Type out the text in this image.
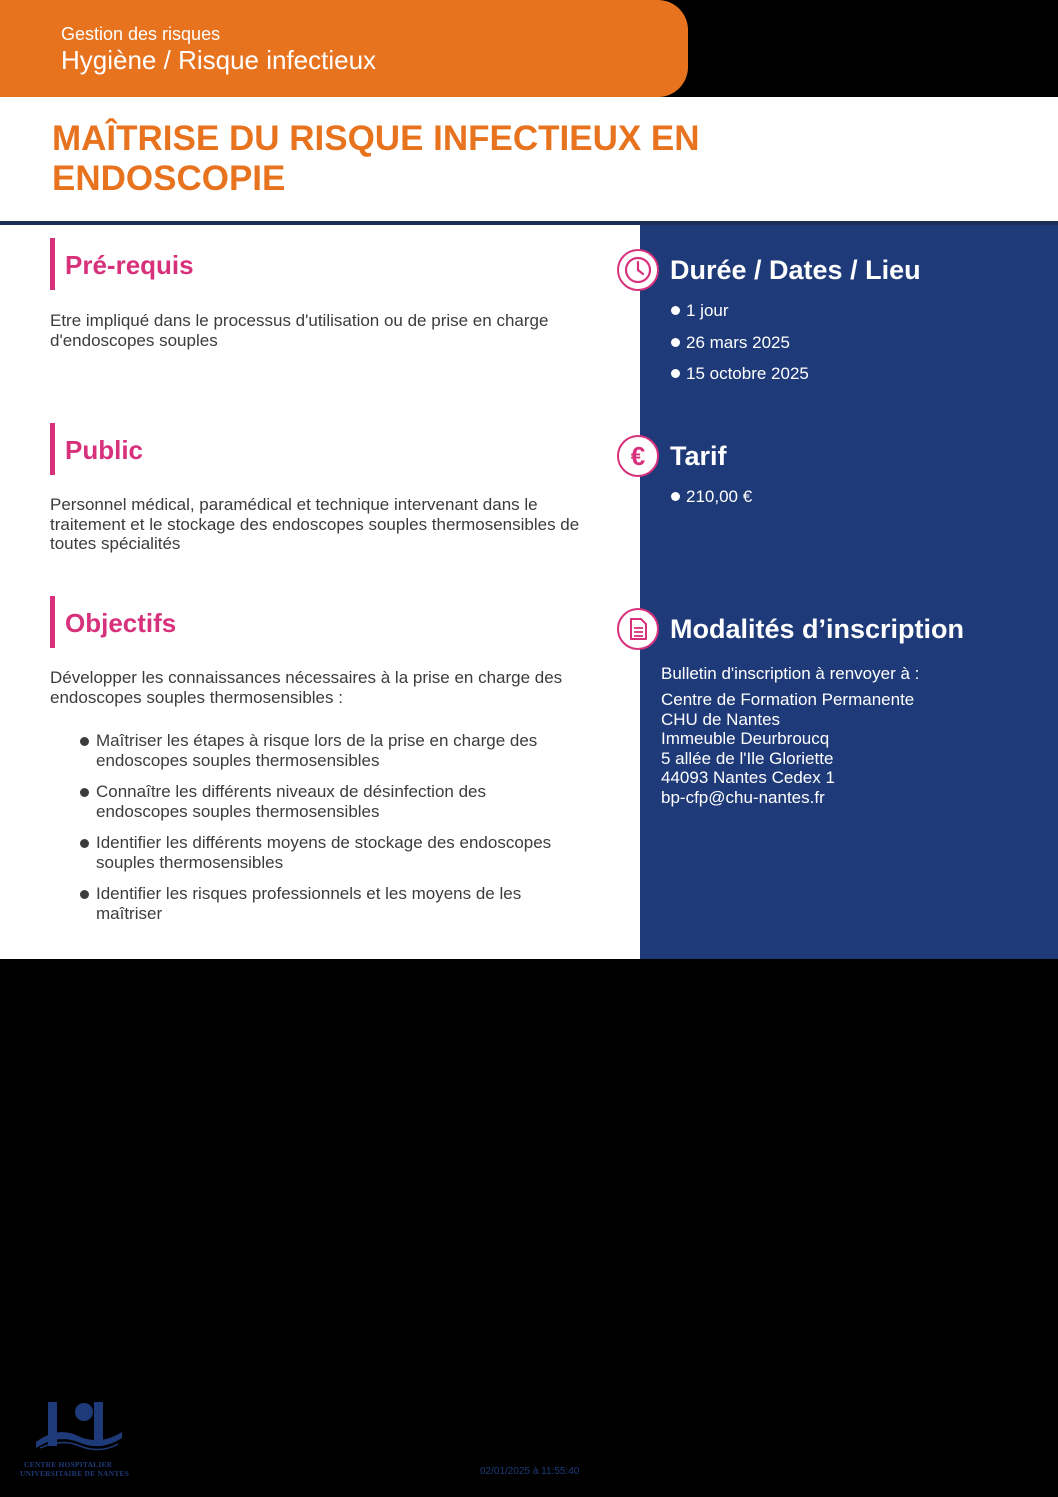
Gestion des risques
Hygiène / Risque infectieux
MAÎTRISE DU RISQUE INFECTIEUX EN ENDOSCOPIE
Pré-requis

Etre impliqué dans le processus d'utilisation ou de prise en charge d'endoscopes souples

Public

Personnel médical, paramédical et technique intervenant dans le traitement et le stockage des endoscopes souples thermosensibles de toutes spécialités

Objectifs

Développer les connaissances nécessaires à la prise en charge des endoscopes souples thermosensibles :

Maîtriser les étapes à risque lors de la prise en charge des endoscopes souples thermosensibles
Connaître les différents niveaux de désinfection des endoscopes souples thermosensibles
Identifier les différents moyens de stockage des endoscopes souples thermosensibles
Identifier les risques professionnels et les moyens de les maîtriser
Durée / Dates / Lieu
1 jour
26 mars 2025
15 octobre 2025
€ Tarif
210,00 €
Modalités d’inscription

Bulletin d'inscription à renvoyer à :

Centre de Formation Permanente
CHU de Nantes
Immeuble Deurbroucq
5 allée de l'Ile Gloriette
44093 Nantes Cedex 1
bp-cfp@chu-nantes.fr
CENTRE HOSPITALIER
UNIVERSITAIRE DE NANTES	02/01/2025 à 11:55:40
